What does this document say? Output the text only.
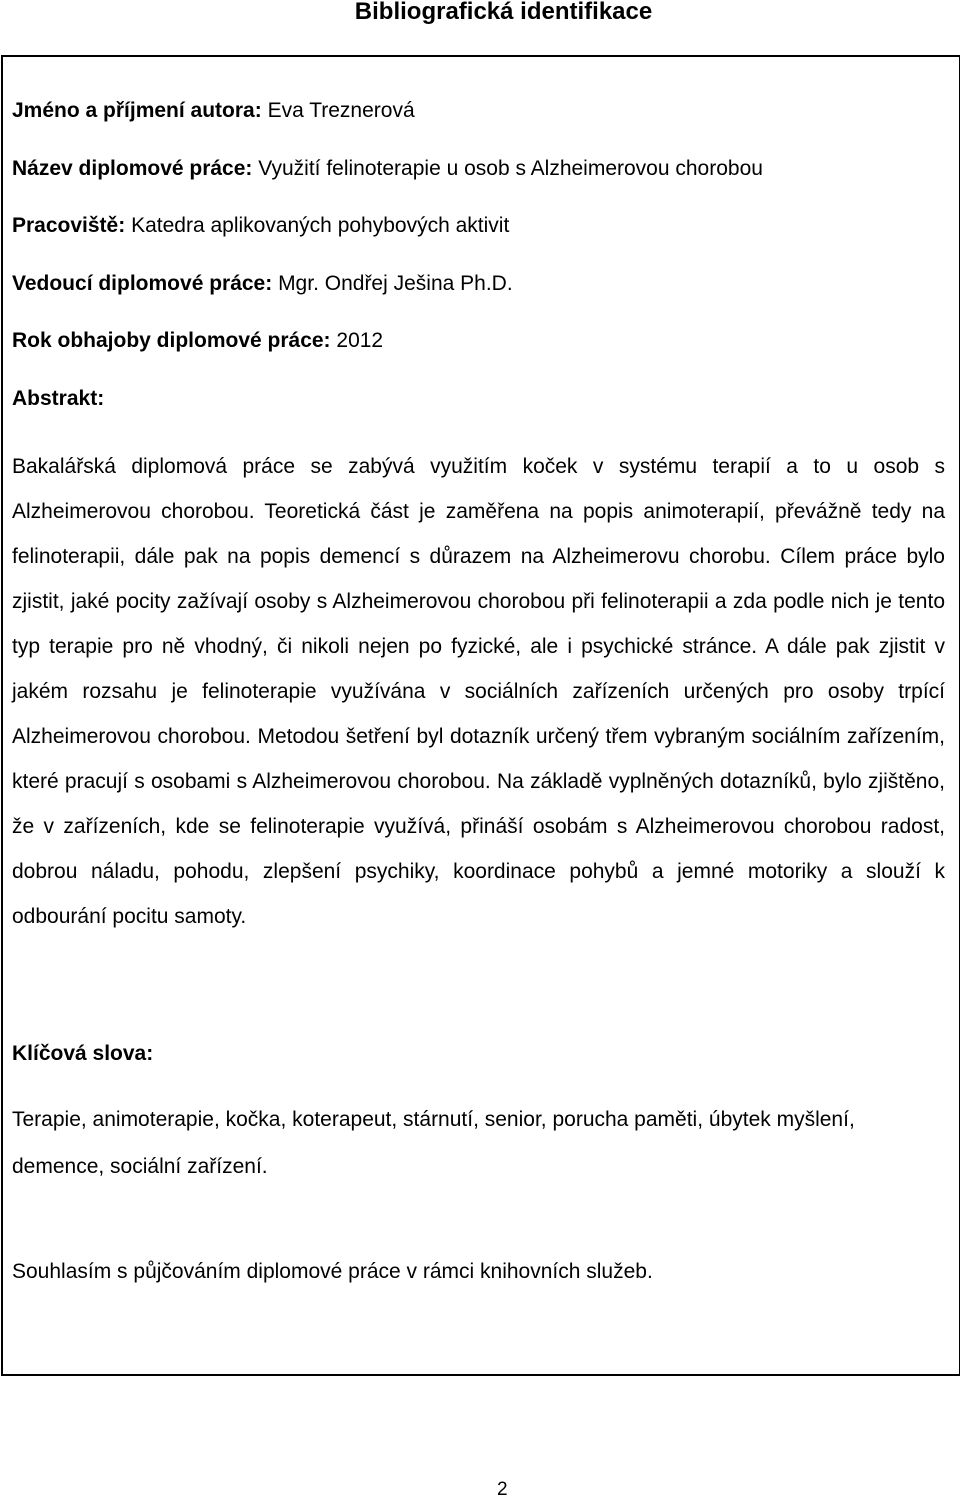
Bibliografická identifikace
Jméno a příjmení autora: Eva Treznerová
Název diplomové práce: Využití felinoterapie u osob s Alzheimerovou chorobou
Pracoviště: Katedra aplikovaných pohybových aktivit
Vedoucí diplomové práce: Mgr. Ondřej Ješina Ph.D.
Rok obhajoby diplomové práce: 2012
Abstrakt:

Bakalářská diplomová práce se zabývá využitím koček v systému terapií a to u osob s Alzheimerovou chorobou. Teoretická část je zaměřena na popis animoterapií, převážně tedy na felinoterapii, dále pak na popis demencí s důrazem na Alzheimerovu chorobu. Cílem práce bylo zjistit, jaké pocity zažívají osoby s Alzheimerovou chorobou při felinoterapii a zda podle nich je tento typ terapie pro ně vhodný, či nikoli nejen po fyzické, ale i psychické stránce. A dále pak zjistit v jakém rozsahu je felinoterapie využívána v sociálních zařízeních určených pro osoby trpící Alzheimerovou chorobou. Metodou šetření byl dotazník určený třem vybraným sociálním zařízením, které pracují s osobami s Alzheimerovou chorobou. Na základě vyplněných dotazníků, bylo zjištěno, že v zařízeních, kde se felinoterapie využívá, přináší osobám s Alzheimerovou chorobou radost, dobrou náladu, pohodu, zlepšení psychiky, koordinace pohybů a jemné motoriky a slouží k odbourání pocitu samoty.

Klíčová slova:

Terapie, animoterapie, kočka, koterapeut, stárnutí, senior, porucha paměti, úbytek myšlení, demence, sociální zařízení.

Souhlasím s půjčováním diplomové práce v rámci knihovních služeb.
2
